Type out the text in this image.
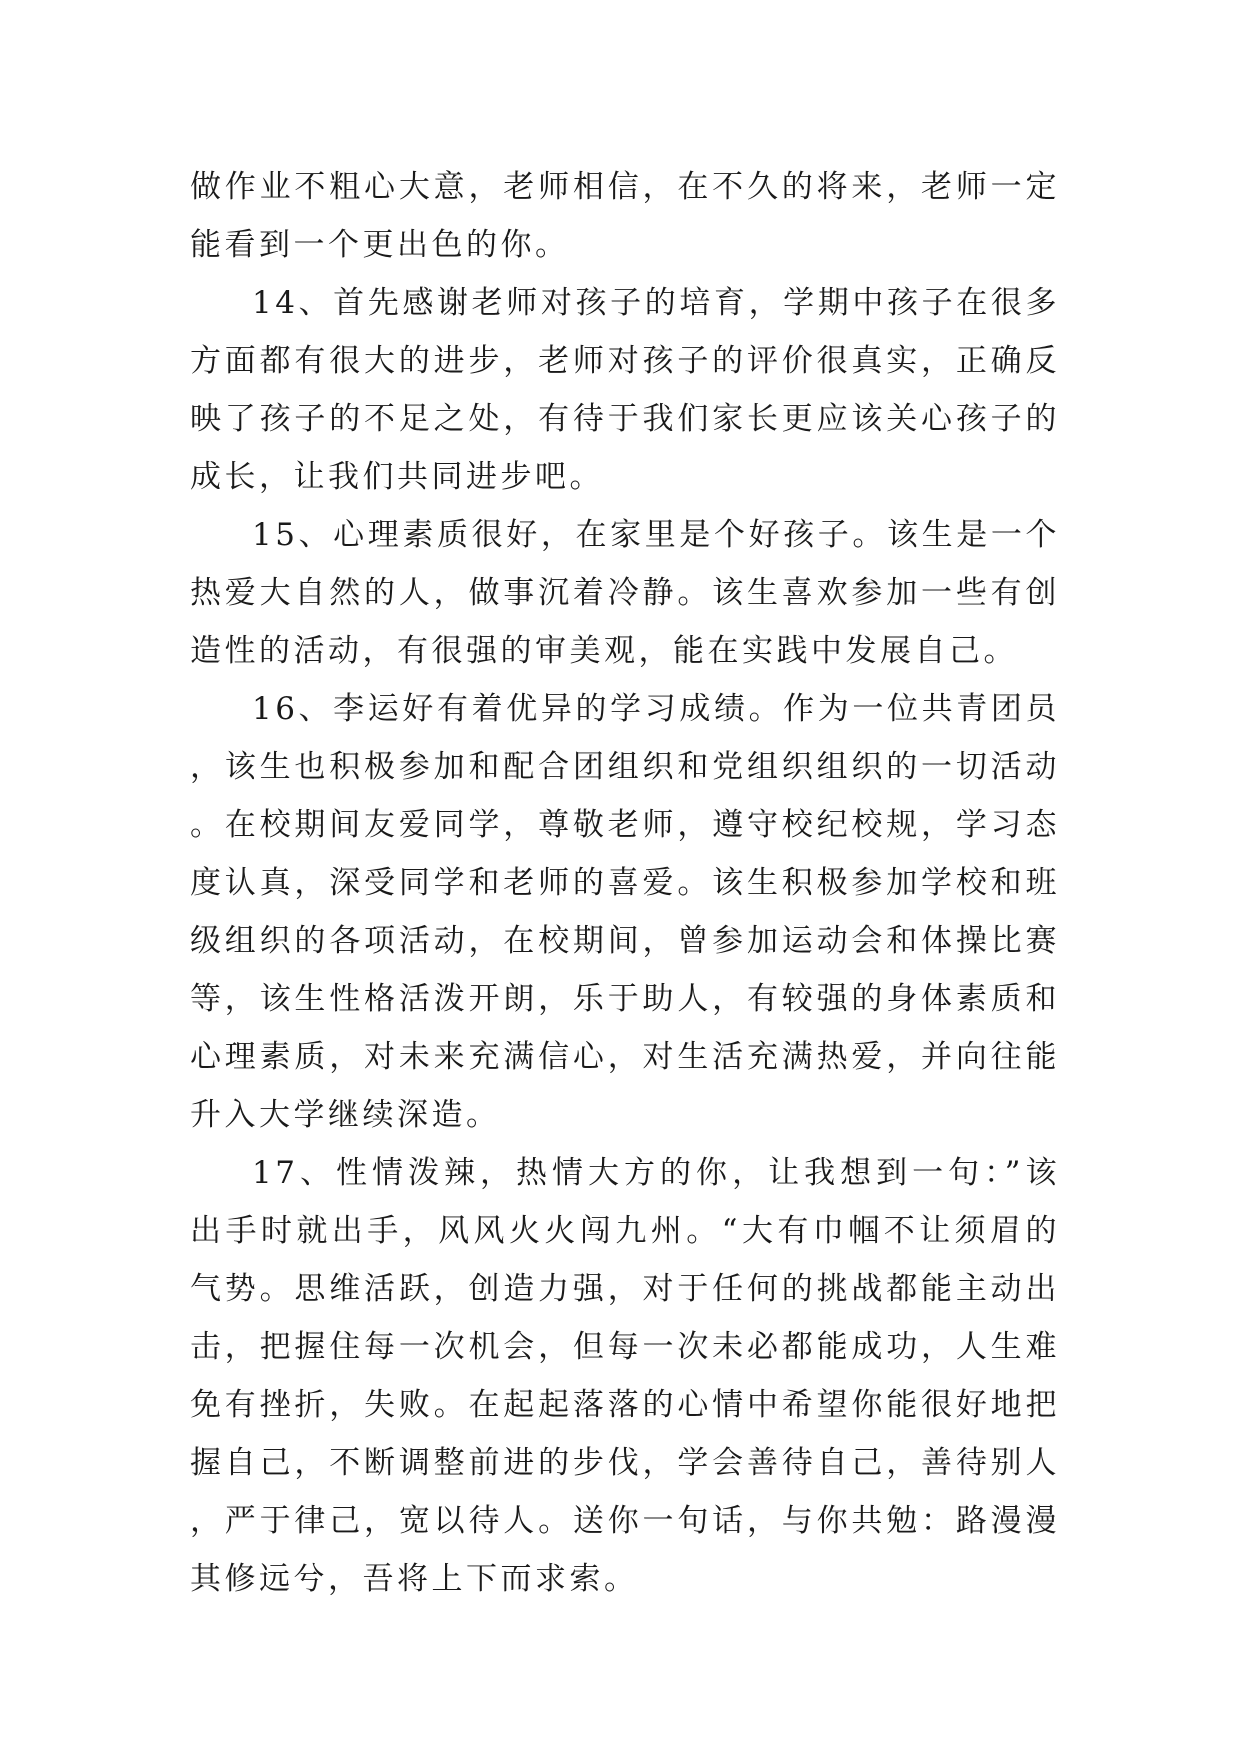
做作业不粗心大意，老师相信，在不久的将来，老师一定能看到一个更出色的你。

14、首先感谢老师对孩子的培育，学期中孩子在很多方面都有很大的进步，老师对孩子的评价很真实，正确反映了孩子的不足之处，有待于我们家长更应该关心孩子的成长，让我们共同进步吧。

15、心理素质很好，在家里是个好孩子。该生是一个热爱大自然的人，做事沉着冷静。该生喜欢参加一些有创造性的活动，有很强的审美观，能在实践中发展自己。

16、李运好有着优异的学习成绩。作为一位共青团员，该生也积极参加和配合团组织和党组织组织的一切活动。在校期间友爱同学，尊敬老师，遵守校纪校规，学习态度认真，深受同学和老师的喜爱。该生积极参加学校和班级组织的各项活动，在校期间，曾参加运动会和体操比赛等，该生性格活泼开朗，乐于助人，有较强的身体素质和心理素质，对未来充满信心，对生活充满热爱，并向往能升入大学继续深造。

17、性情泼辣，热情大方的你，让我想到一句：”该出手时就出手，风风火火闯九州。“大有巾帼不让须眉的气势。思维活跃，创造力强，对于任何的挑战都能主动出击，把握住每一次机会，但每一次未必都能成功，人生难免有挫折，失败。在起起落落的心情中希望你能很好地把握自己，不断调整前进的步伐，学会善待自己，善待别人，严于律己，宽以待人。送你一句话，与你共勉：路漫漫其修远兮，吾将上下而求索。
